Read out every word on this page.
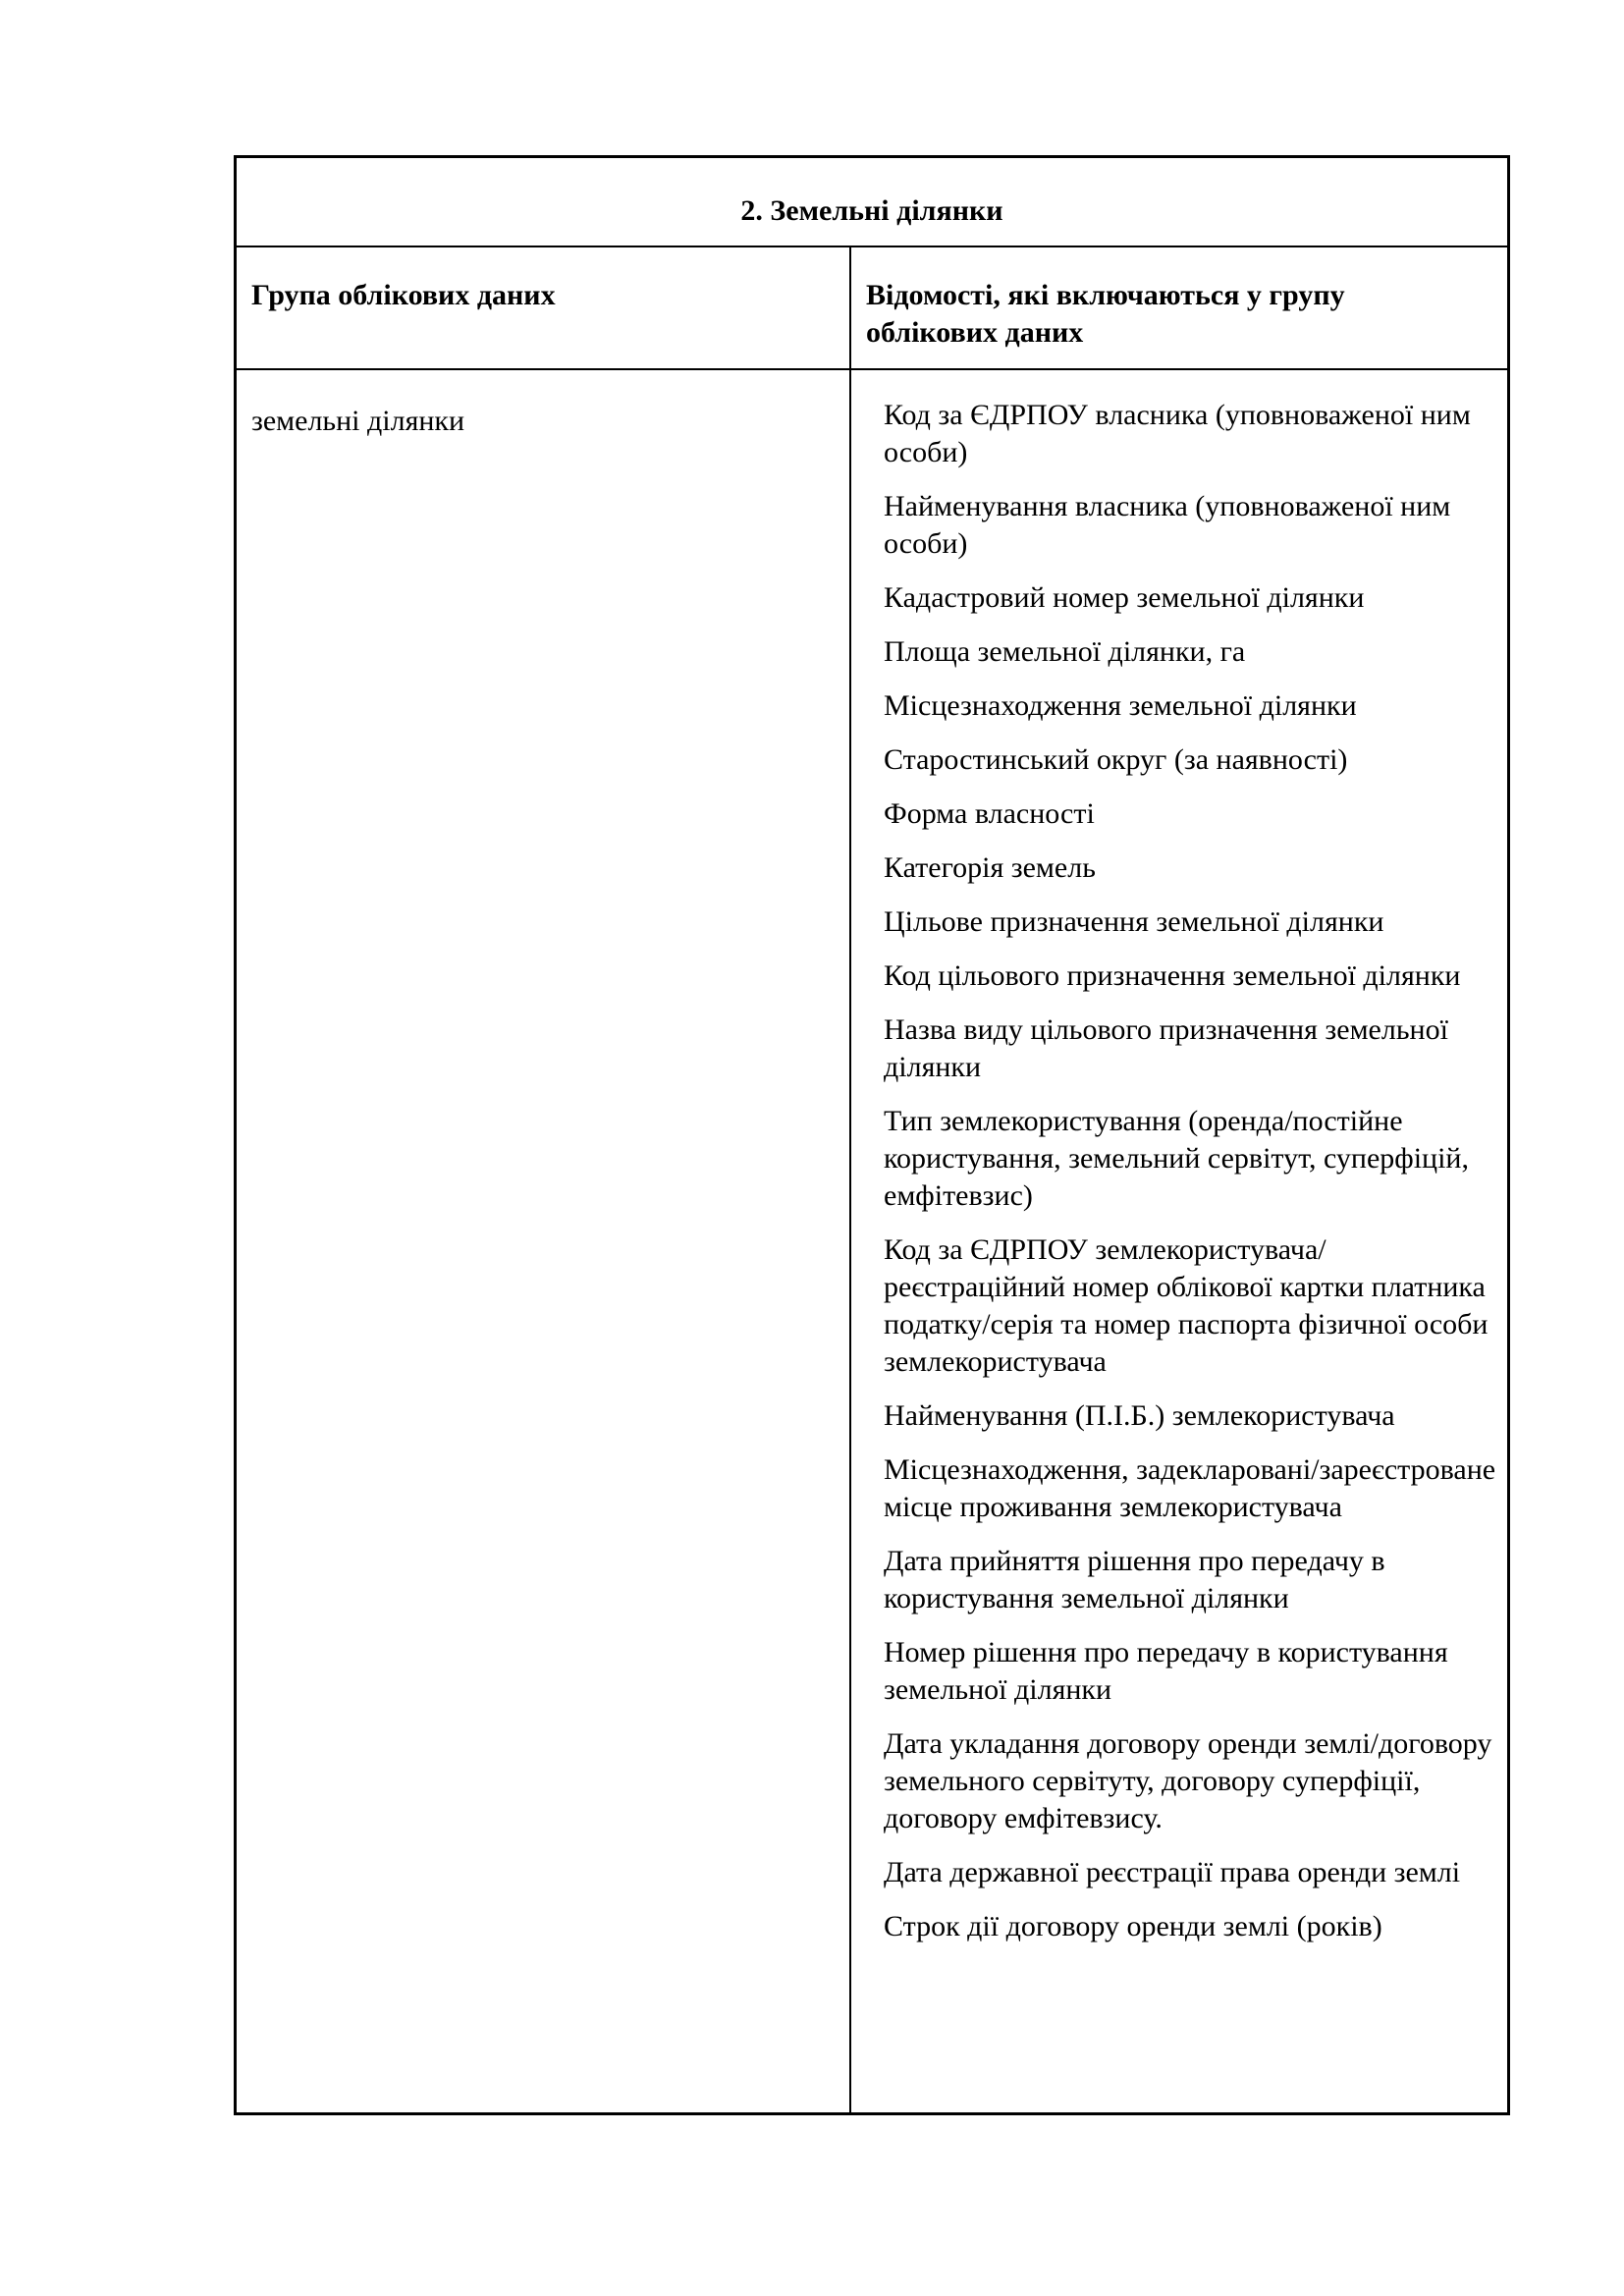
2. Земельні ділянки
Група облікових даних	Відомості, які включаються у групу облікових даних
земельні ділянки	Код за ЄДРПОУ власника (уповноваженої ним особи)
Найменування власника (уповноваженої ним особи)
Кадастровий номер земельної ділянки
Площа земельної ділянки, га
Місцезнаходження земельної ділянки
Старостинський округ (за наявності)
Форма власності
Категорія земель
Цільове призначення земельної ділянки
Код цільового призначення земельної ділянки
Назва виду цільового призначення земельної ділянки
Тип землекористування (оренда/постійне користування, земельний сервітут, суперфіцій, емфітевзис)
Код за ЄДРПОУ землекористувача/реєстраційний номер облікової картки платника податку/серія та номер паспорта фізичної особи землекористувача
Найменування (П.І.Б.) землекористувача
Місцезнаходження, задекларовані/зареєстроване місце проживання землекористувача
Дата прийняття рішення про передачу в користування земельної ділянки
Номер рішення про передачу в користування земельної ділянки
Дата укладання договору оренди землі/договору земельного сервітуту, договору суперфіції, договору емфітевзису.
Дата державної реєстрації права оренди землі
Строк дії договору оренди землі (років)
